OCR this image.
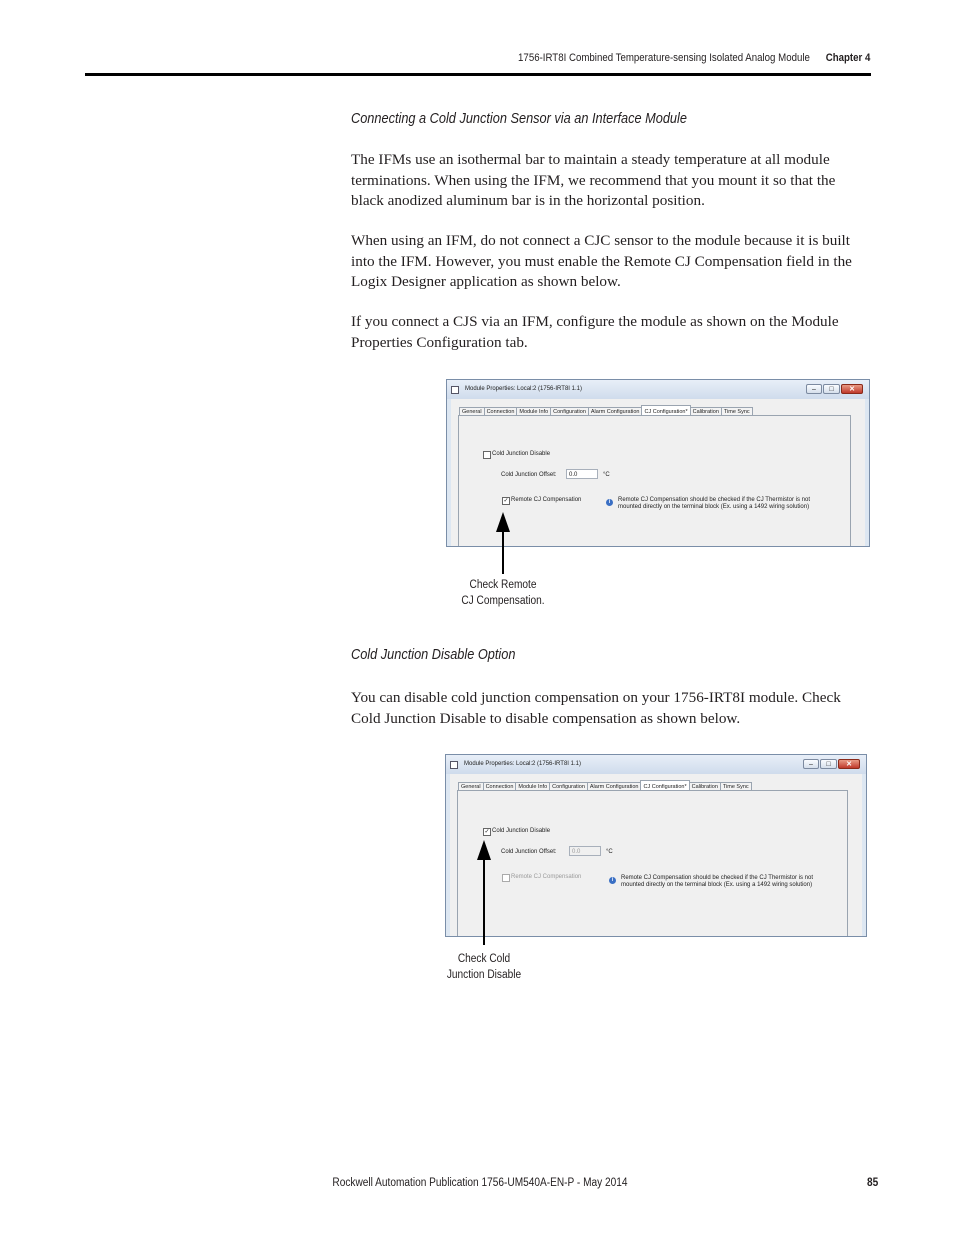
1756-IRT8I Combined Temperature-sensing Isolated Analog Module Chapter 4
Connecting a Cold Junction Sensor via an Interface Module

The IFMs use an isothermal bar to maintain a steady temperature at all module terminations. When using the IFM, we recommend that you mount it so that the black anodized aluminum bar is in the horizontal position.

When using an IFM, do not connect a CJC sensor to the module because it is built into the IFM. However, you must enable the Remote CJ Compensation field in the Logix Designer application as shown below.

If you connect a CJS via an IFM, configure the module as shown on the Module Properties Configuration tab.

Module Properties: Local:2 (1756-IRT8I 1.1)	–	□	✕
General Connection Module Info Configuration Alarm Configuration CJ Configuration* Calibration Time Sync
Cold Junction Disable
Cold Junction Offset:	0.0	°C
✓ Remote CJ Compensation	i	Remote CJ Compensation should be checked if the CJ Thermistor is not
mounted directly on the terminal block (Ex. using a 1492 wiring solution)
Check Remote
CJ Compensation.
Cold Junction Disable Option

You can disable cold junction compensation on your 1756-IRT8I module. Check Cold Junction Disable to disable compensation as shown below.

Module Properties: Local:2 (1756-IRT8I 1.1)	–	□	✕
General Connection Module Info Configuration Alarm Configuration CJ Configuration* Calibration Time Sync
✓ Cold Junction Disable
Cold Junction Offset:	0.0	°C
Remote CJ Compensation	i	Remote CJ Compensation should be checked if the CJ Thermistor is not
mounted directly on the terminal block (Ex. using a 1492 wiring solution)
Check Cold
Junction Disable
Rockwell Automation Publication 1756-UM540A-EN-P - May 2014	85
